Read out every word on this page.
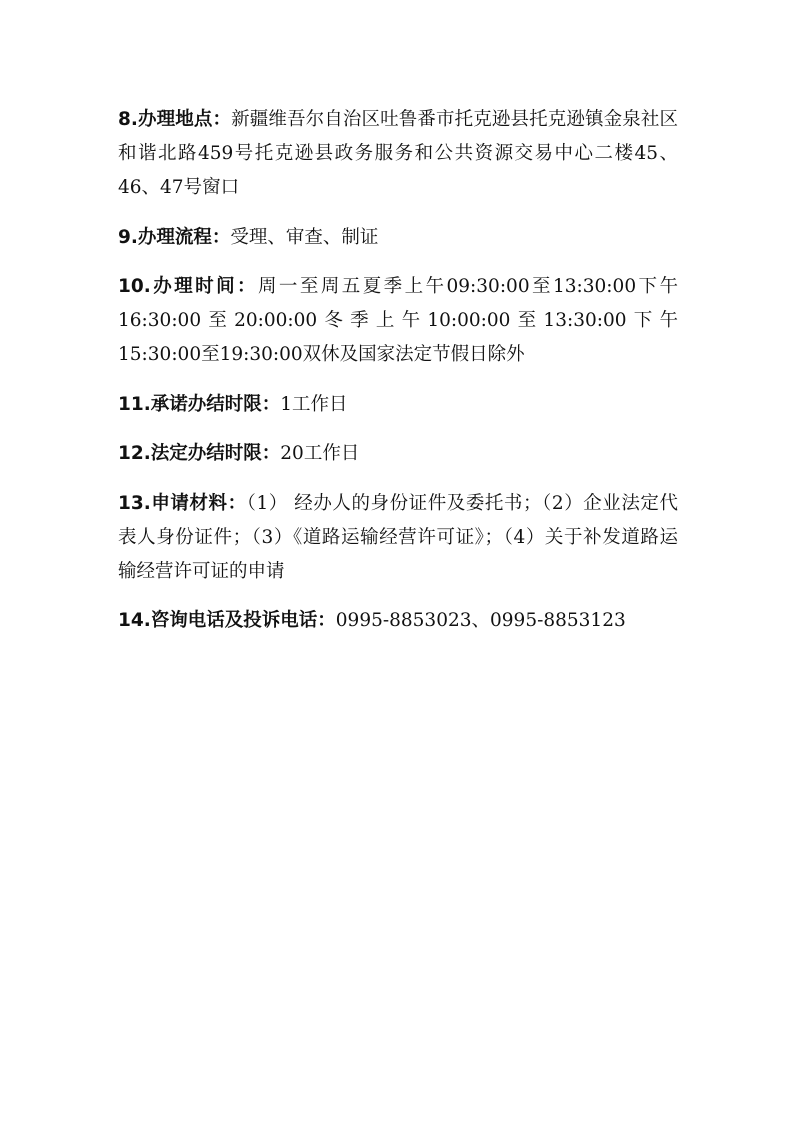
8.办理地点：新疆维吾尔自治区吐鲁番市托克逊县托克逊镇金泉社区和谐北路459号托克逊县政务服务和公共资源交易中心二楼45、46、47号窗口

9.办理流程：受理、审查、制证

10.办理时间：周一至周五夏季上午09:30:00至13:30:00下午16:30:00至20:00:00冬季上午10:00:00至13:30:00下午15:30:00至19:30:00双休及国家法定节假日除外

11.承诺办结时限：1工作日

12.法定办结时限：20工作日

13.申请材料：（1） 经办人的身份证件及委托书；（2）企业法定代表人身份证件；（3）《道路运输经营许可证》；（4）关于补发道路运输经营许可证的申请

14.咨询电话及投诉电话：0995-8853023、0995-8853123
